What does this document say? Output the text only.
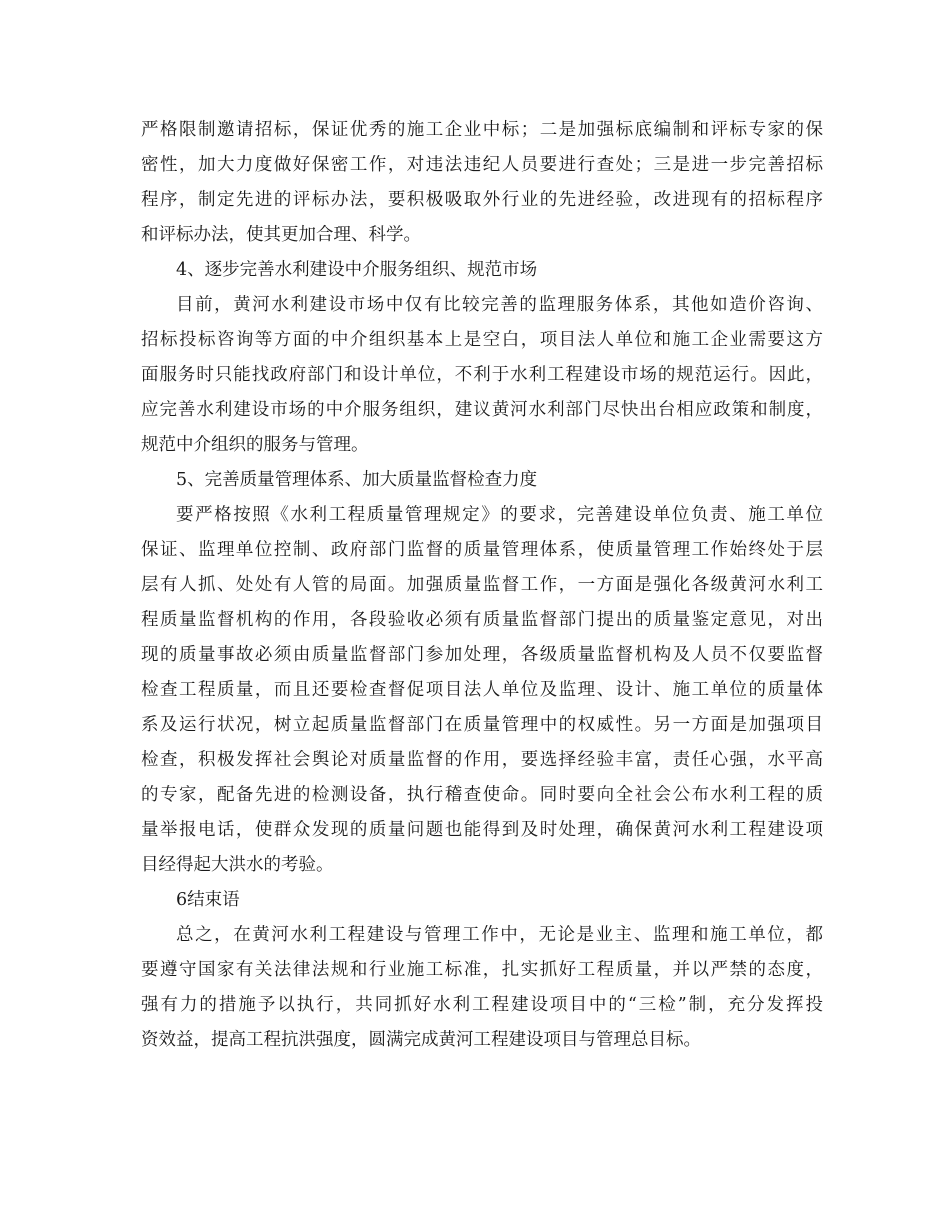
严格限制邀请招标，保证优秀的施工企业中标；二是加强标底编制和评标专家的保
密性，加大力度做好保密工作，对违法违纪人员要进行查处；三是进一步完善招标
程序，制定先进的评标办法，要积极吸取外行业的先进经验，改进现有的招标程序
和评标办法，使其更加合理、科学。
4、逐步完善水利建设中介服务组织、规范市场
目前，黄河水利建设市场中仅有比较完善的监理服务体系，其他如造价咨询、
招标投标咨询等方面的中介组织基本上是空白，项目法人单位和施工企业需要这方
面服务时只能找政府部门和设计单位，不利于水利工程建设市场的规范运行。因此，
应完善水利建设市场的中介服务组织，建议黄河水利部门尽快出台相应政策和制度，
规范中介组织的服务与管理。
5、完善质量管理体系、加大质量监督检查力度
要严格按照《水利工程质量管理规定》的要求，完善建设单位负责、施工单位
保证、监理单位控制、政府部门监督的质量管理体系，使质量管理工作始终处于层
层有人抓、处处有人管的局面。加强质量监督工作，一方面是强化各级黄河水利工
程质量监督机构的作用，各段验收必须有质量监督部门提出的质量鉴定意见，对出
现的质量事故必须由质量监督部门参加处理，各级质量监督机构及人员不仅要监督
检查工程质量，而且还要检查督促项目法人单位及监理、设计、施工单位的质量体
系及运行状况，树立起质量监督部门在质量管理中的权威性。另一方面是加强项目
检查，积极发挥社会舆论对质量监督的作用，要选择经验丰富，责任心强，水平高
的专家，配备先进的检测设备，执行稽查使命。同时要向全社会公布水利工程的质
量举报电话，使群众发现的质量问题也能得到及时处理，确保黄河水利工程建设项
目经得起大洪水的考验。
6结束语
总之，在黄河水利工程建设与管理工作中，无论是业主、监理和施工单位，都
要遵守国家有关法律法规和行业施工标准，扎实抓好工程质量，并以严禁的态度，
强有力的措施予以执行，共同抓好水利工程建设项目中的“三检”制，充分发挥投
资效益，提高工程抗洪强度，圆满完成黄河工程建设项目与管理总目标。
